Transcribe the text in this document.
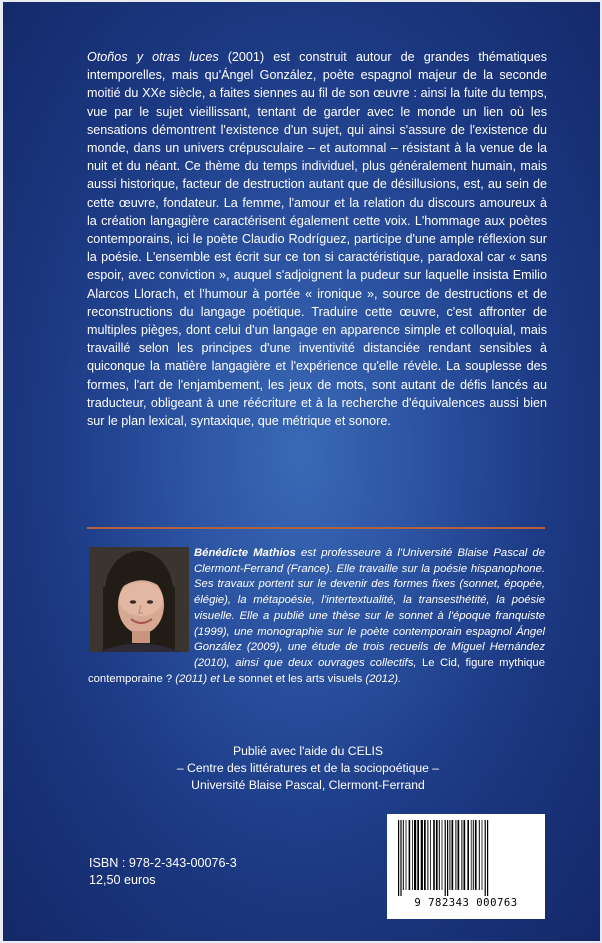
Otoños y otras luces (2001) est construit autour de grandes thématiques intemporelles, mais qu'Ángel González, poète espagnol majeur de la seconde moitié du XXe siècle, a faites siennes au fil de son œuvre : ainsi la fuite du temps, vue par le sujet vieillissant, tentant de garder avec le monde un lien où les sensations démontrent l'existence d'un sujet, qui ainsi s'assure de l'existence du monde, dans un univers crépusculaire – et automnal – résistant à la venue de la nuit et du néant. Ce thème du temps individuel, plus généralement humain, mais aussi historique, facteur de destruction autant que de désillusions, est, au sein de cette œuvre, fondateur. La femme, l'amour et la relation du discours amoureux à la création langagière caractérisent également cette voix. L'hommage aux poètes contemporains, ici le poète Claudio Rodríguez, participe d'une ample réflexion sur la poésie. L'ensemble est écrit sur ce ton si caractéristique, paradoxal car « sans espoir, avec conviction », auquel s'adjoignent la pudeur sur laquelle insista Emilio Alarcos Llorach, et l'humour à portée « ironique », source de destructions et de reconstructions du langage poétique. Traduire cette œuvre, c'est affronter de multiples pièges, dont celui d'un langage en apparence simple et colloquial, mais travaillé selon les principes d'une inventivité distanciée rendant sensibles à quiconque la matière langagière et l'expérience qu'elle révèle. La souplesse des formes, l'art de l'enjambement, les jeux de mots, sont autant de défis lancés au traducteur, obligeant à une réécriture et à la recherche d'équivalences aussi bien sur le plan lexical, syntaxique, que métrique et sonore.

Bénédicte Mathios est professeure à l'Université Blaise Pascal de Clermont-Ferrand (France). Elle travaille sur la poésie hispanophone. Ses travaux portent sur le devenir des formes fixes (sonnet, épopée, élégie), la métapoésie, l'intertextualité, la transesthétité, la poésie visuelle. Elle a publié une thèse sur le sonnet à l'époque franquiste (1999), une monographie sur le poète contemporain espagnol Ángel González (2009), une étude de trois recueils de Miguel Hernández (2010), ainsi que deux ouvrages collectifs, Le Cid, figure mythique contemporaine ? (2011) et Le sonnet et les arts visuels (2012).

Publié avec l'aide du CELIS
– Centre des littératures et de la sociopoétique –
Université Blaise Pascal, Clermont-Ferrand
ISBN : 978-2-343-00076-3
12,50 euros
9 782343 000763
